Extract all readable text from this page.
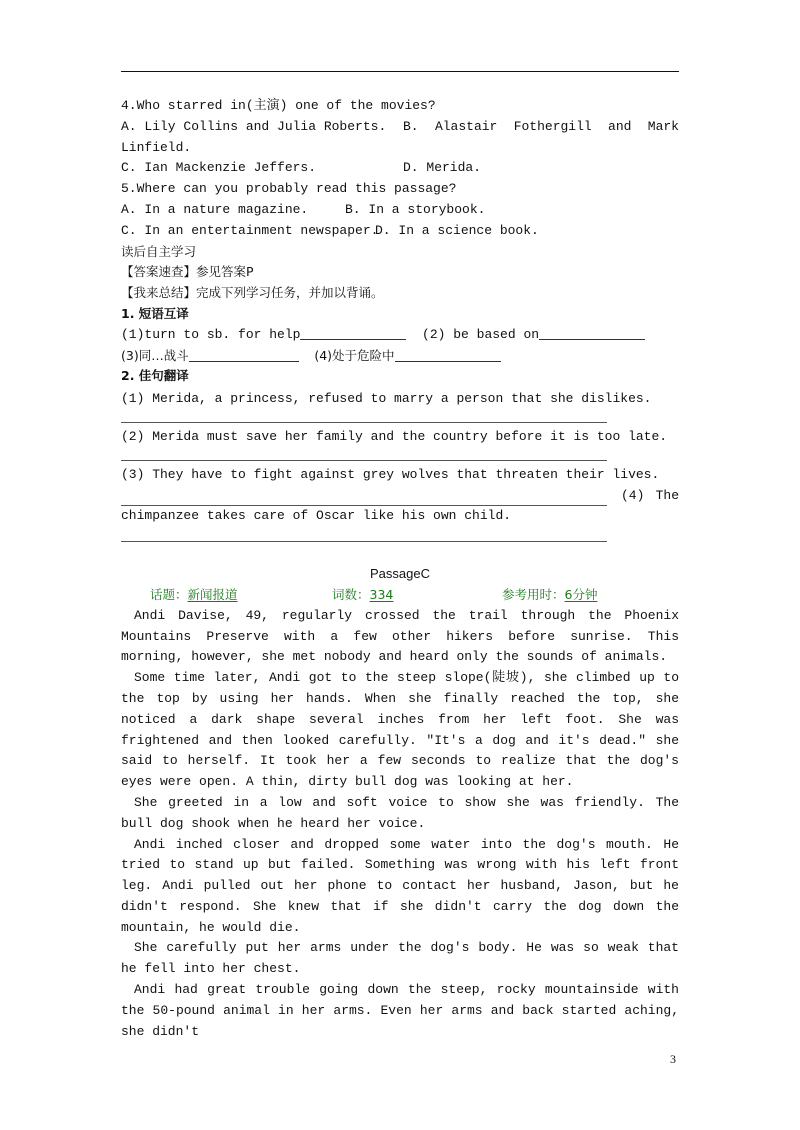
4.Who starred in(主演) one of the movies?
A. Lily Collins and Julia Roberts. B. Alastair Fothergill and Mark
Linfield.
C. Ian Mackenzie Jeffers.	D. Merida.
5.Where can you probably read this passage?
A. In a nature magazine.	B. In a storybook.
C. In an entertainment newspaper.D. In a science book.
读后自主学习
【答案速查】参见答案P
【我来总结】完成下列学习任务，并加以背诵。
1. 短语互译
(1)turn to sb. for help	(2) be based on
(3)同…战斗	(4)处于危险中
2. 佳句翻译
(1) Merida, a princess, refused to marry a person that she dislikes.
(2) Merida must save her family and the country before it is too late.
(3) They have to fight against grey wolves that threaten their lives.
(4) The
chimpanzee takes care of Oscar like his own child.
PassageC
话题：新闻报道	词数：334	参考用时：6分钟

Andi Davise, 49, regularly crossed the trail through the Phoenix Mountains Preserve with a few other hikers before sunrise. This morning, however, she met nobody and heard only the sounds of animals.

Some time later, Andi got to the steep slope(陡坡), she climbed up to the top by using her hands. When she finally reached the top, she noticed a dark shape several inches from her left foot. She was frightened and then looked carefully. "It's a dog and it's dead." she said to herself. It took her a few seconds to realize that the dog's eyes were open. A thin, dirty bull dog was looking at her.

She greeted in a low and soft voice to show she was friendly. The bull dog shook when he heard her voice.

Andi inched closer and dropped some water into the dog's mouth. He tried to stand up but failed. Something was wrong with his left front leg. Andi pulled out her phone to contact her husband, Jason, but he didn't respond. She knew that if she didn't carry the dog down the mountain, he would die.

She carefully put her arms under the dog's body. He was so weak that he fell into her chest.

Andi had great trouble going down the steep, rocky mountainside with the 50-pound animal in her arms. Even her arms and back started aching, she didn't

3
